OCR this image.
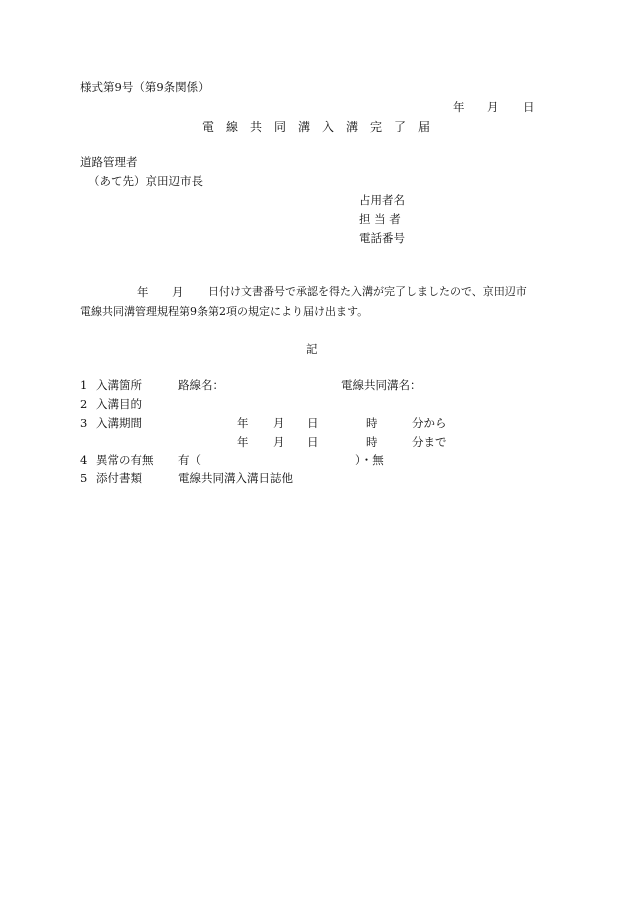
様式第9号（第9条関係）
年 月 日
電　線　共　同　溝　入　溝　完　了　届
道路管理者
（あて先）京田辺市長
占用者名
担 当 者
電話番号
年 月 日付け文書番号で承認を得た入溝が完了しましたので、京田辺市
電線共同溝管理規程第9条第2項の規定により届け出ます。
記
1 入溝箇所	路線名：	電線共同溝名：
2 入溝目的
3 入溝期間	年 月 日	時	分から
年 月 日	時	分まで
4 異常の有無 有（	）・無
5 添付書類	電線共同溝入溝日誌他
